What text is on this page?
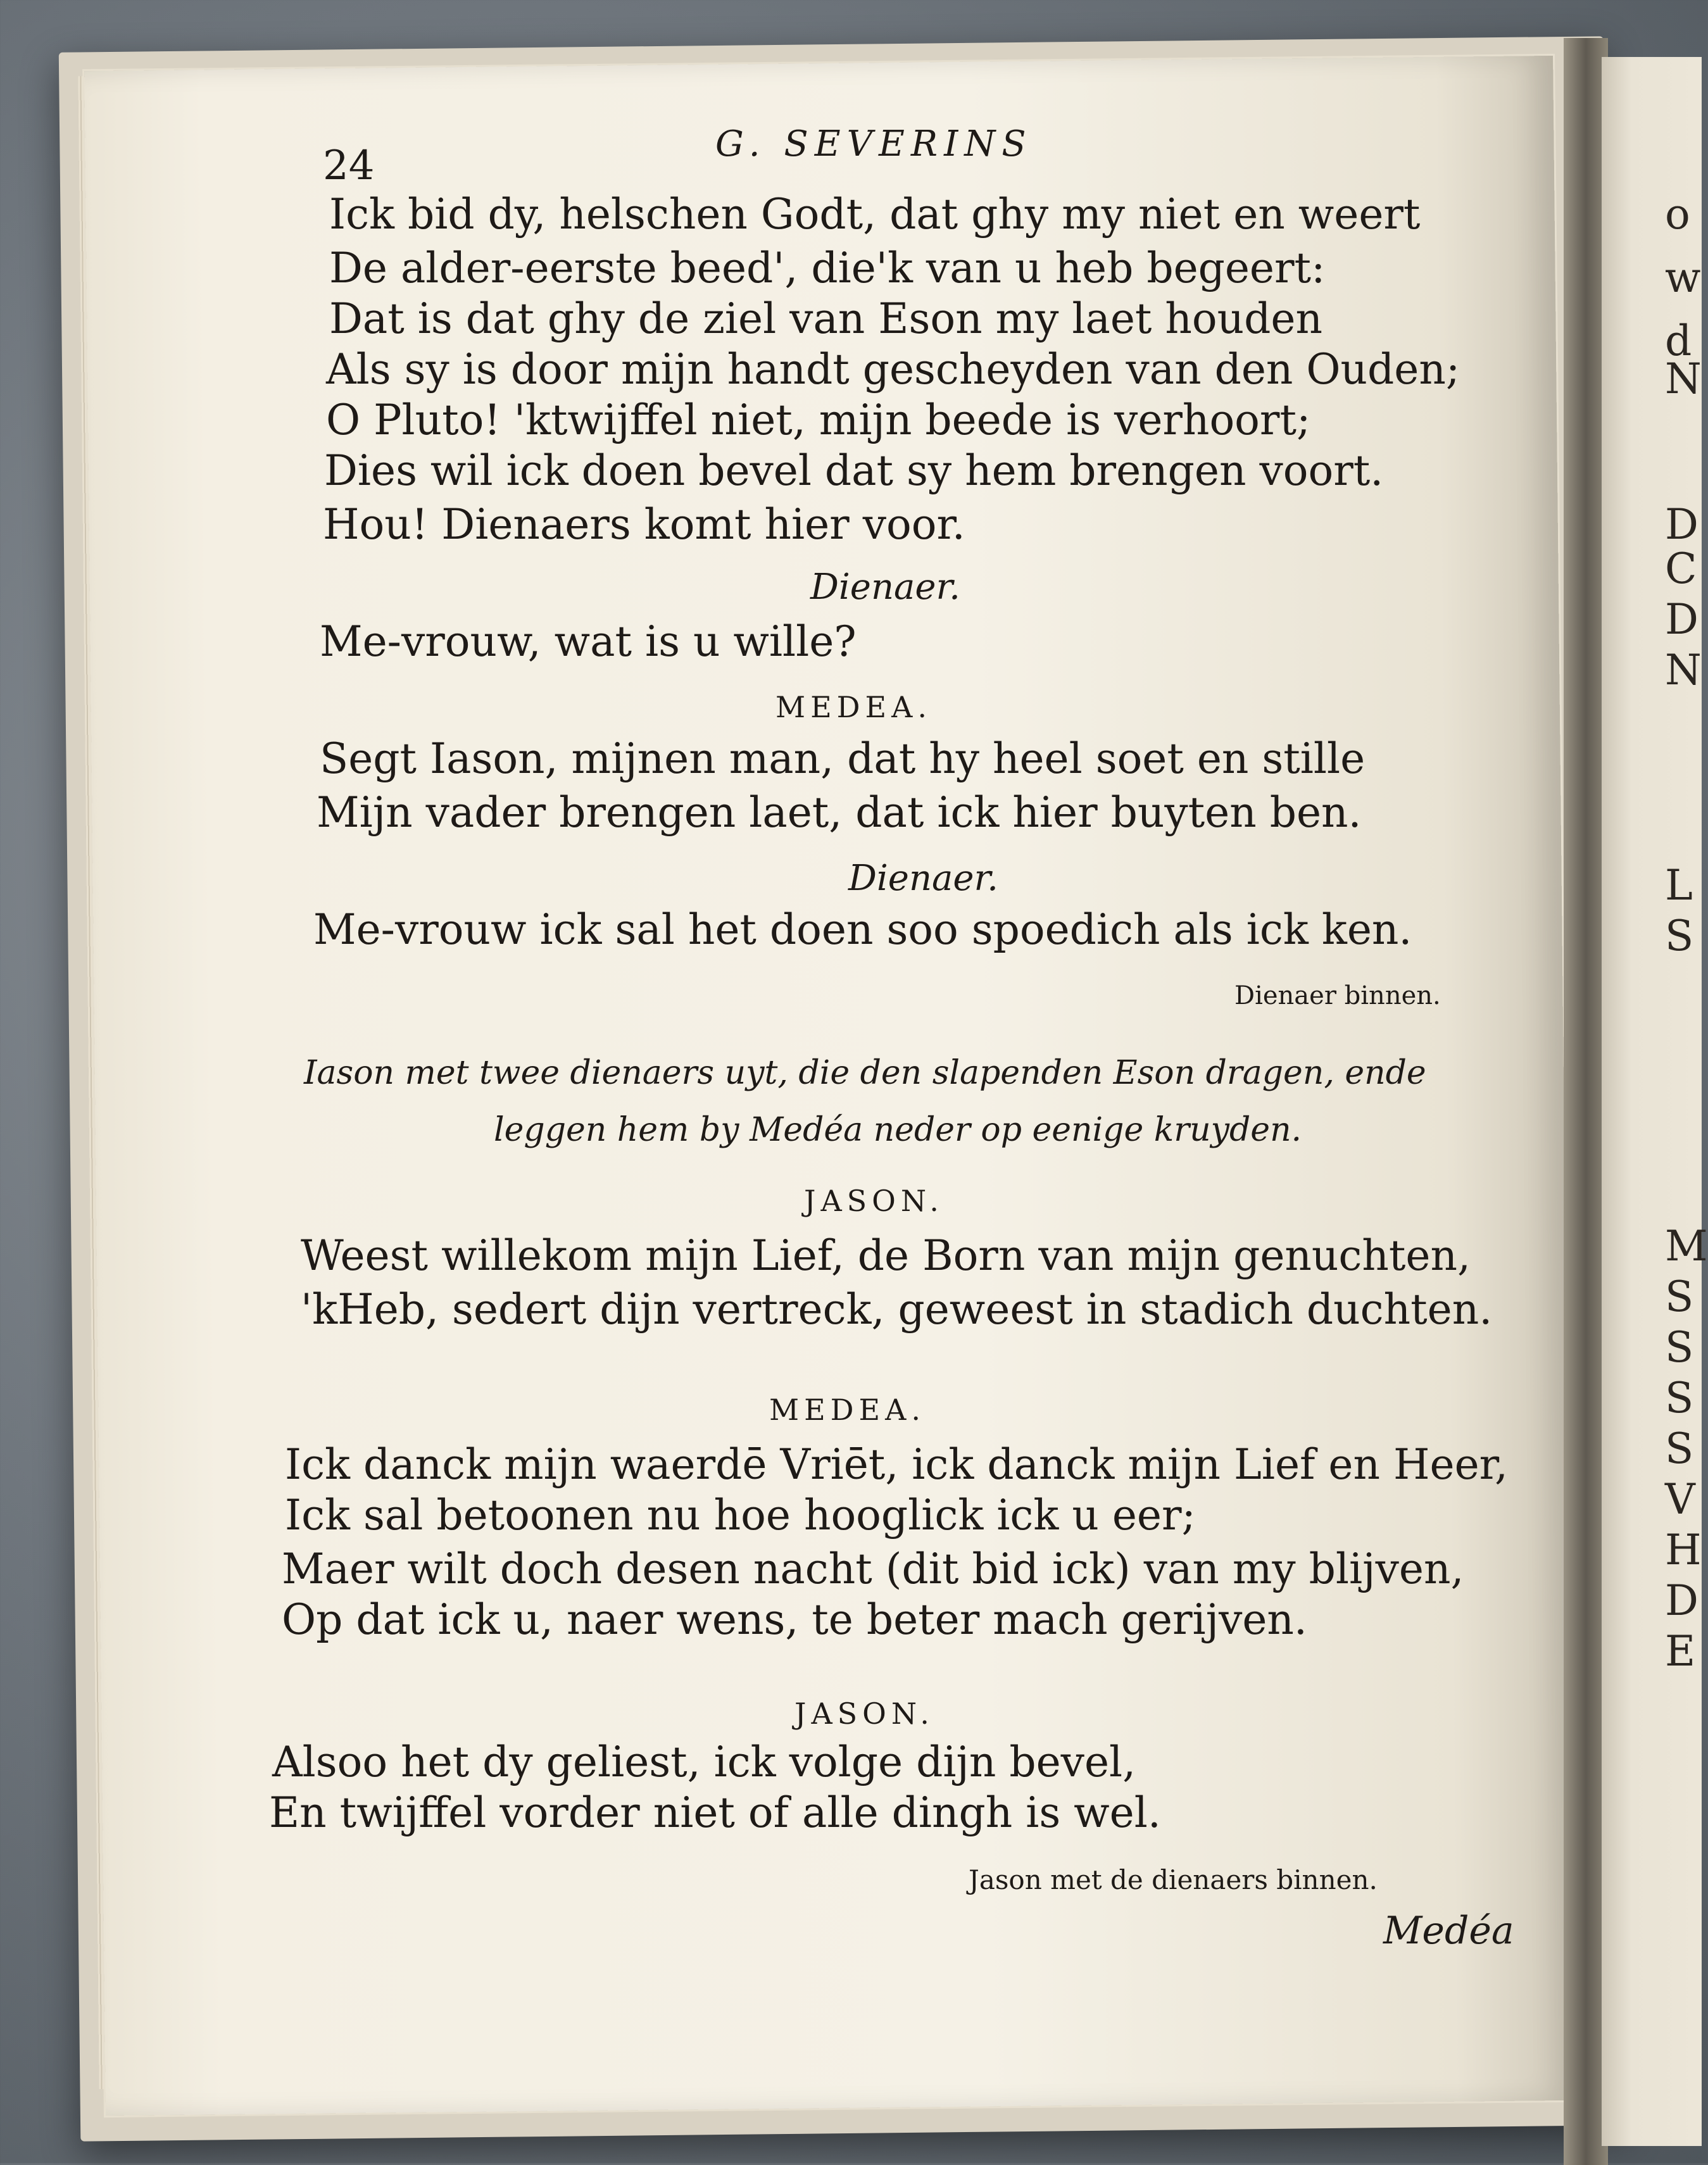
o
w
d
N
D
C
D
N
L
S
M
S
S
S
S
V
H
D
E
24	G. SEVERINS
Ick bid dy, helschen Godt, dat ghy my niet en weert
De alder-eerste beed', die'k van u heb begeert:
Dat is dat ghy de ziel van Eson my laet houden
Als sy is door mijn handt gescheyden van den Ouden;
O Pluto! 'ktwijffel niet, mijn beede is verhoort;
Dies wil ick doen bevel dat sy hem brengen voort.
Hou! Dienaers komt hier voor.
Dienaer.
Me-vrouw, wat is u wille?
MEDEA.
Segt Iason, mijnen man, dat hy heel soet en stille
Mijn vader brengen laet, dat ick hier buyten ben.
Dienaer.
Me-vrouw ick sal het doen soo spoedich als ick ken.
Dienaer binnen.
Iason met twee dienaers uyt, die den slapenden Eson dragen, ende
leggen hem by Medéa neder op eenige kruyden.
JASON.
Weest willekom mijn Lief, de Born van mijn genuchten,
'kHeb, sedert dijn vertreck, geweest in stadich duchten.
MEDEA.
Ick danck mijn waerdē Vriēt, ick danck mijn Lief en Heer,
Ick sal betoonen nu hoe hooglick ick u eer;
Maer wilt doch desen nacht (dit bid ick) van my blijven,
Op dat ick u, naer wens, te beter mach gerijven.
JASON.
Alsoo het dy geliest, ick volge dijn bevel,
En twijffel vorder niet of alle dingh is wel.
Jason met de dienaers binnen.
Medéa
